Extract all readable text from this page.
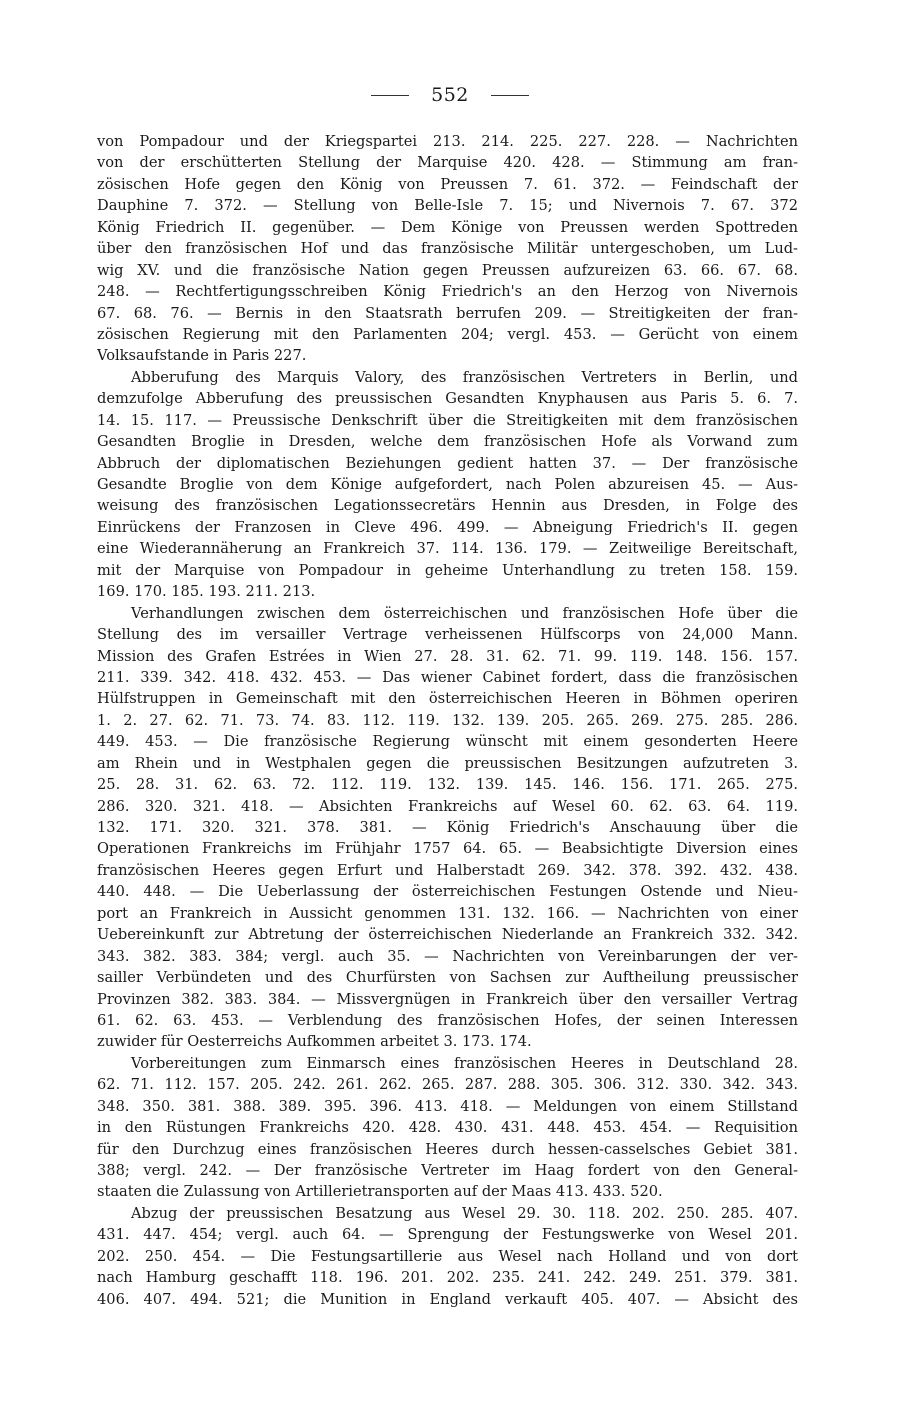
552
von Pompadour und der Kriegspartei 213. 214. 225. 227. 228. — Nachrichten
von der erschütterten Stellung der Marquise 420. 428. — Stimmung am fran-
zösischen Hofe gegen den König von Preussen 7. 61. 372. — Feindschaft der
Dauphine 7. 372. — Stellung von Belle-Isle 7. 15; und Nivernois 7. 67. 372
König Friedrich II. gegenüber. — Dem Könige von Preussen werden Spottreden
über den französischen Hof und das französische Militär untergeschoben, um Lud-
wig XV. und die französische Nation gegen Preussen aufzureizen 63. 66. 67. 68.
248. — Rechtfertigungsschreiben König Friedrich's an den Herzog von Nivernois
67. 68. 76. — Bernis in den Staatsrath berrufen 209. — Streitigkeiten der fran-
zösischen Regierung mit den Parlamenten 204; vergl. 453. — Gerücht von einem
Volksaufstande in Paris 227.
Abberufung des Marquis Valory, des französischen Vertreters in Berlin, und
demzufolge Abberufung des preussischen Gesandten Knyphausen aus Paris 5. 6. 7.
14. 15. 117. — Preussische Denkschrift über die Streitigkeiten mit dem französischen
Gesandten Broglie in Dresden, welche dem französischen Hofe als Vorwand zum
Abbruch der diplomatischen Beziehungen gedient hatten 37. — Der französische
Gesandte Broglie von dem Könige aufgefordert, nach Polen abzureisen 45. — Aus-
weisung des französischen Legationssecretärs Hennin aus Dresden, in Folge des
Einrückens der Franzosen in Cleve 496. 499. — Abneigung Friedrich's II. gegen
eine Wiederannäherung an Frankreich 37. 114. 136. 179. — Zeitweilige Bereitschaft,
mit der Marquise von Pompadour in geheime Unterhandlung zu treten 158. 159.
169. 170. 185. 193. 211. 213.
Verhandlungen zwischen dem österreichischen und französischen Hofe über die
Stellung des im versailler Vertrage verheissenen Hülfscorps von 24,000 Mann.
Mission des Grafen Estrées in Wien 27. 28. 31. 62. 71. 99. 119. 148. 156. 157.
211. 339. 342. 418. 432. 453. — Das wiener Cabinet fordert, dass die französischen
Hülfstruppen in Gemeinschaft mit den österreichischen Heeren in Böhmen operiren
1. 2. 27. 62. 71. 73. 74. 83. 112. 119. 132. 139. 205. 265. 269. 275. 285. 286.
449. 453. — Die französische Regierung wünscht mit einem gesonderten Heere
am Rhein und in Westphalen gegen die preussischen Besitzungen aufzutreten 3.
25. 28. 31. 62. 63. 72. 112. 119. 132. 139. 145. 146. 156. 171. 265. 275.
286. 320. 321. 418. — Absichten Frankreichs auf Wesel 60. 62. 63. 64. 119.
132. 171. 320. 321. 378. 381. — König Friedrich's Anschauung über die
Operationen Frankreichs im Frühjahr 1757 64. 65. — Beabsichtigte Diversion eines
französischen Heeres gegen Erfurt und Halberstadt 269. 342. 378. 392. 432. 438.
440. 448. — Die Ueberlassung der österreichischen Festungen Ostende und Nieu-
port an Frankreich in Aussicht genommen 131. 132. 166. — Nachrichten von einer
Uebereinkunft zur Abtretung der österreichischen Niederlande an Frankreich 332. 342.
343. 382. 383. 384; vergl. auch 35. — Nachrichten von Vereinbarungen der ver-
sailler Verbündeten und des Churfürsten von Sachsen zur Auftheilung preussischer
Provinzen 382. 383. 384. — Missvergnügen in Frankreich über den versailler Vertrag
61. 62. 63. 453. — Verblendung des französischen Hofes, der seinen Interessen
zuwider für Oesterreichs Aufkommen arbeitet 3. 173. 174.
Vorbereitungen zum Einmarsch eines französischen Heeres in Deutschland 28.
62. 71. 112. 157. 205. 242. 261. 262. 265. 287. 288. 305. 306. 312. 330. 342. 343.
348. 350. 381. 388. 389. 395. 396. 413. 418. — Meldungen von einem Stillstand
in den Rüstungen Frankreichs 420. 428. 430. 431. 448. 453. 454. — Requisition
für den Durchzug eines französischen Heeres durch hessen-casselsches Gebiet 381.
388; vergl. 242. — Der französische Vertreter im Haag fordert von den General-
staaten die Zulassung von Artillerietransporten auf der Maas 413. 433. 520.
Abzug der preussischen Besatzung aus Wesel 29. 30. 118. 202. 250. 285. 407.
431. 447. 454; vergl. auch 64. — Sprengung der Festungswerke von Wesel 201.
202. 250. 454. — Die Festungsartillerie aus Wesel nach Holland und von dort
nach Hamburg geschafft 118. 196. 201. 202. 235. 241. 242. 249. 251. 379. 381.
406. 407. 494. 521; die Munition in England verkauft 405. 407. — Absicht des
